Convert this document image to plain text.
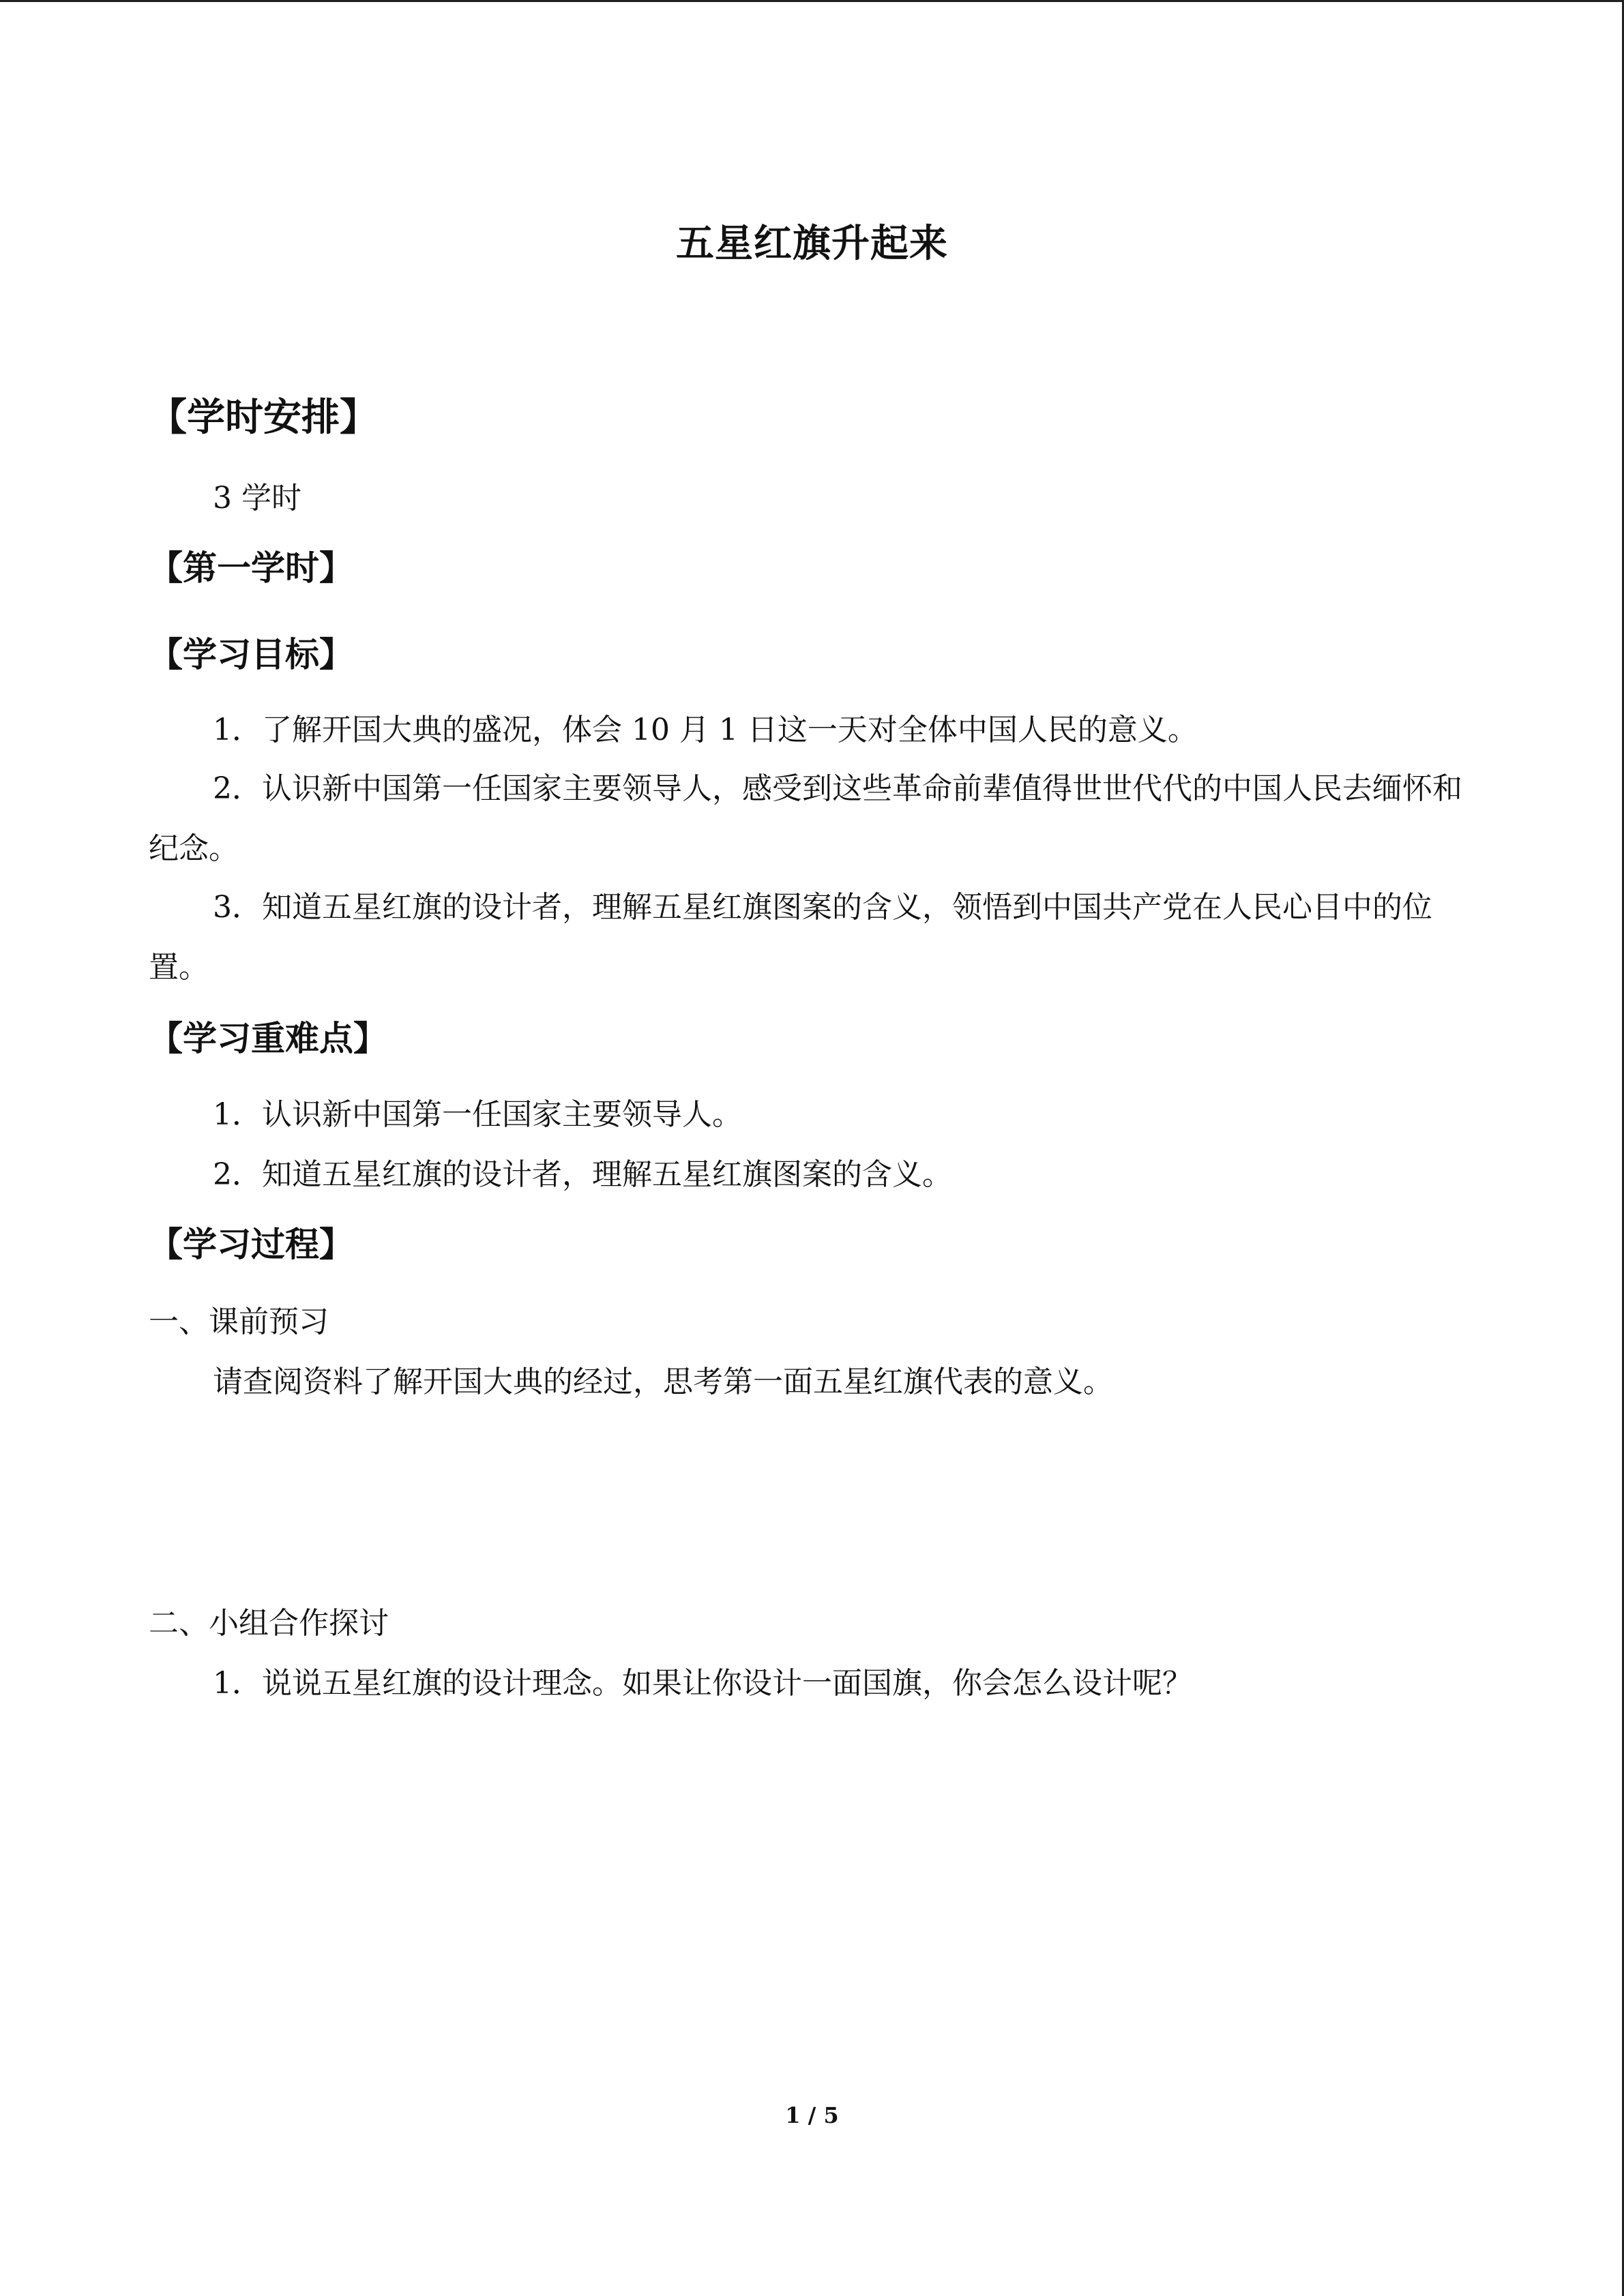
五星红旗升起来
【学时安排】
3 学时
【第一学时】
【学习目标】
1．了解开国大典的盛况，体会 10 月 1 日这一天对全体中国人民的意义。
2．认识新中国第一任国家主要领导人，感受到这些革命前辈值得世世代代的中国人民去缅怀和纪念。
3．知道五星红旗的设计者，理解五星红旗图案的含义，领悟到中国共产党在人民心目中的位置。
【学习重难点】
1．认识新中国第一任国家主要领导人。
2．知道五星红旗的设计者，理解五星红旗图案的含义。
【学习过程】
一、课前预习
请查阅资料了解开国大典的经过，思考第一面五星红旗代表的意义。
二、小组合作探讨
1．说说五星红旗的设计理念。如果让你设计一面国旗，你会怎么设计呢？
1 / 5
